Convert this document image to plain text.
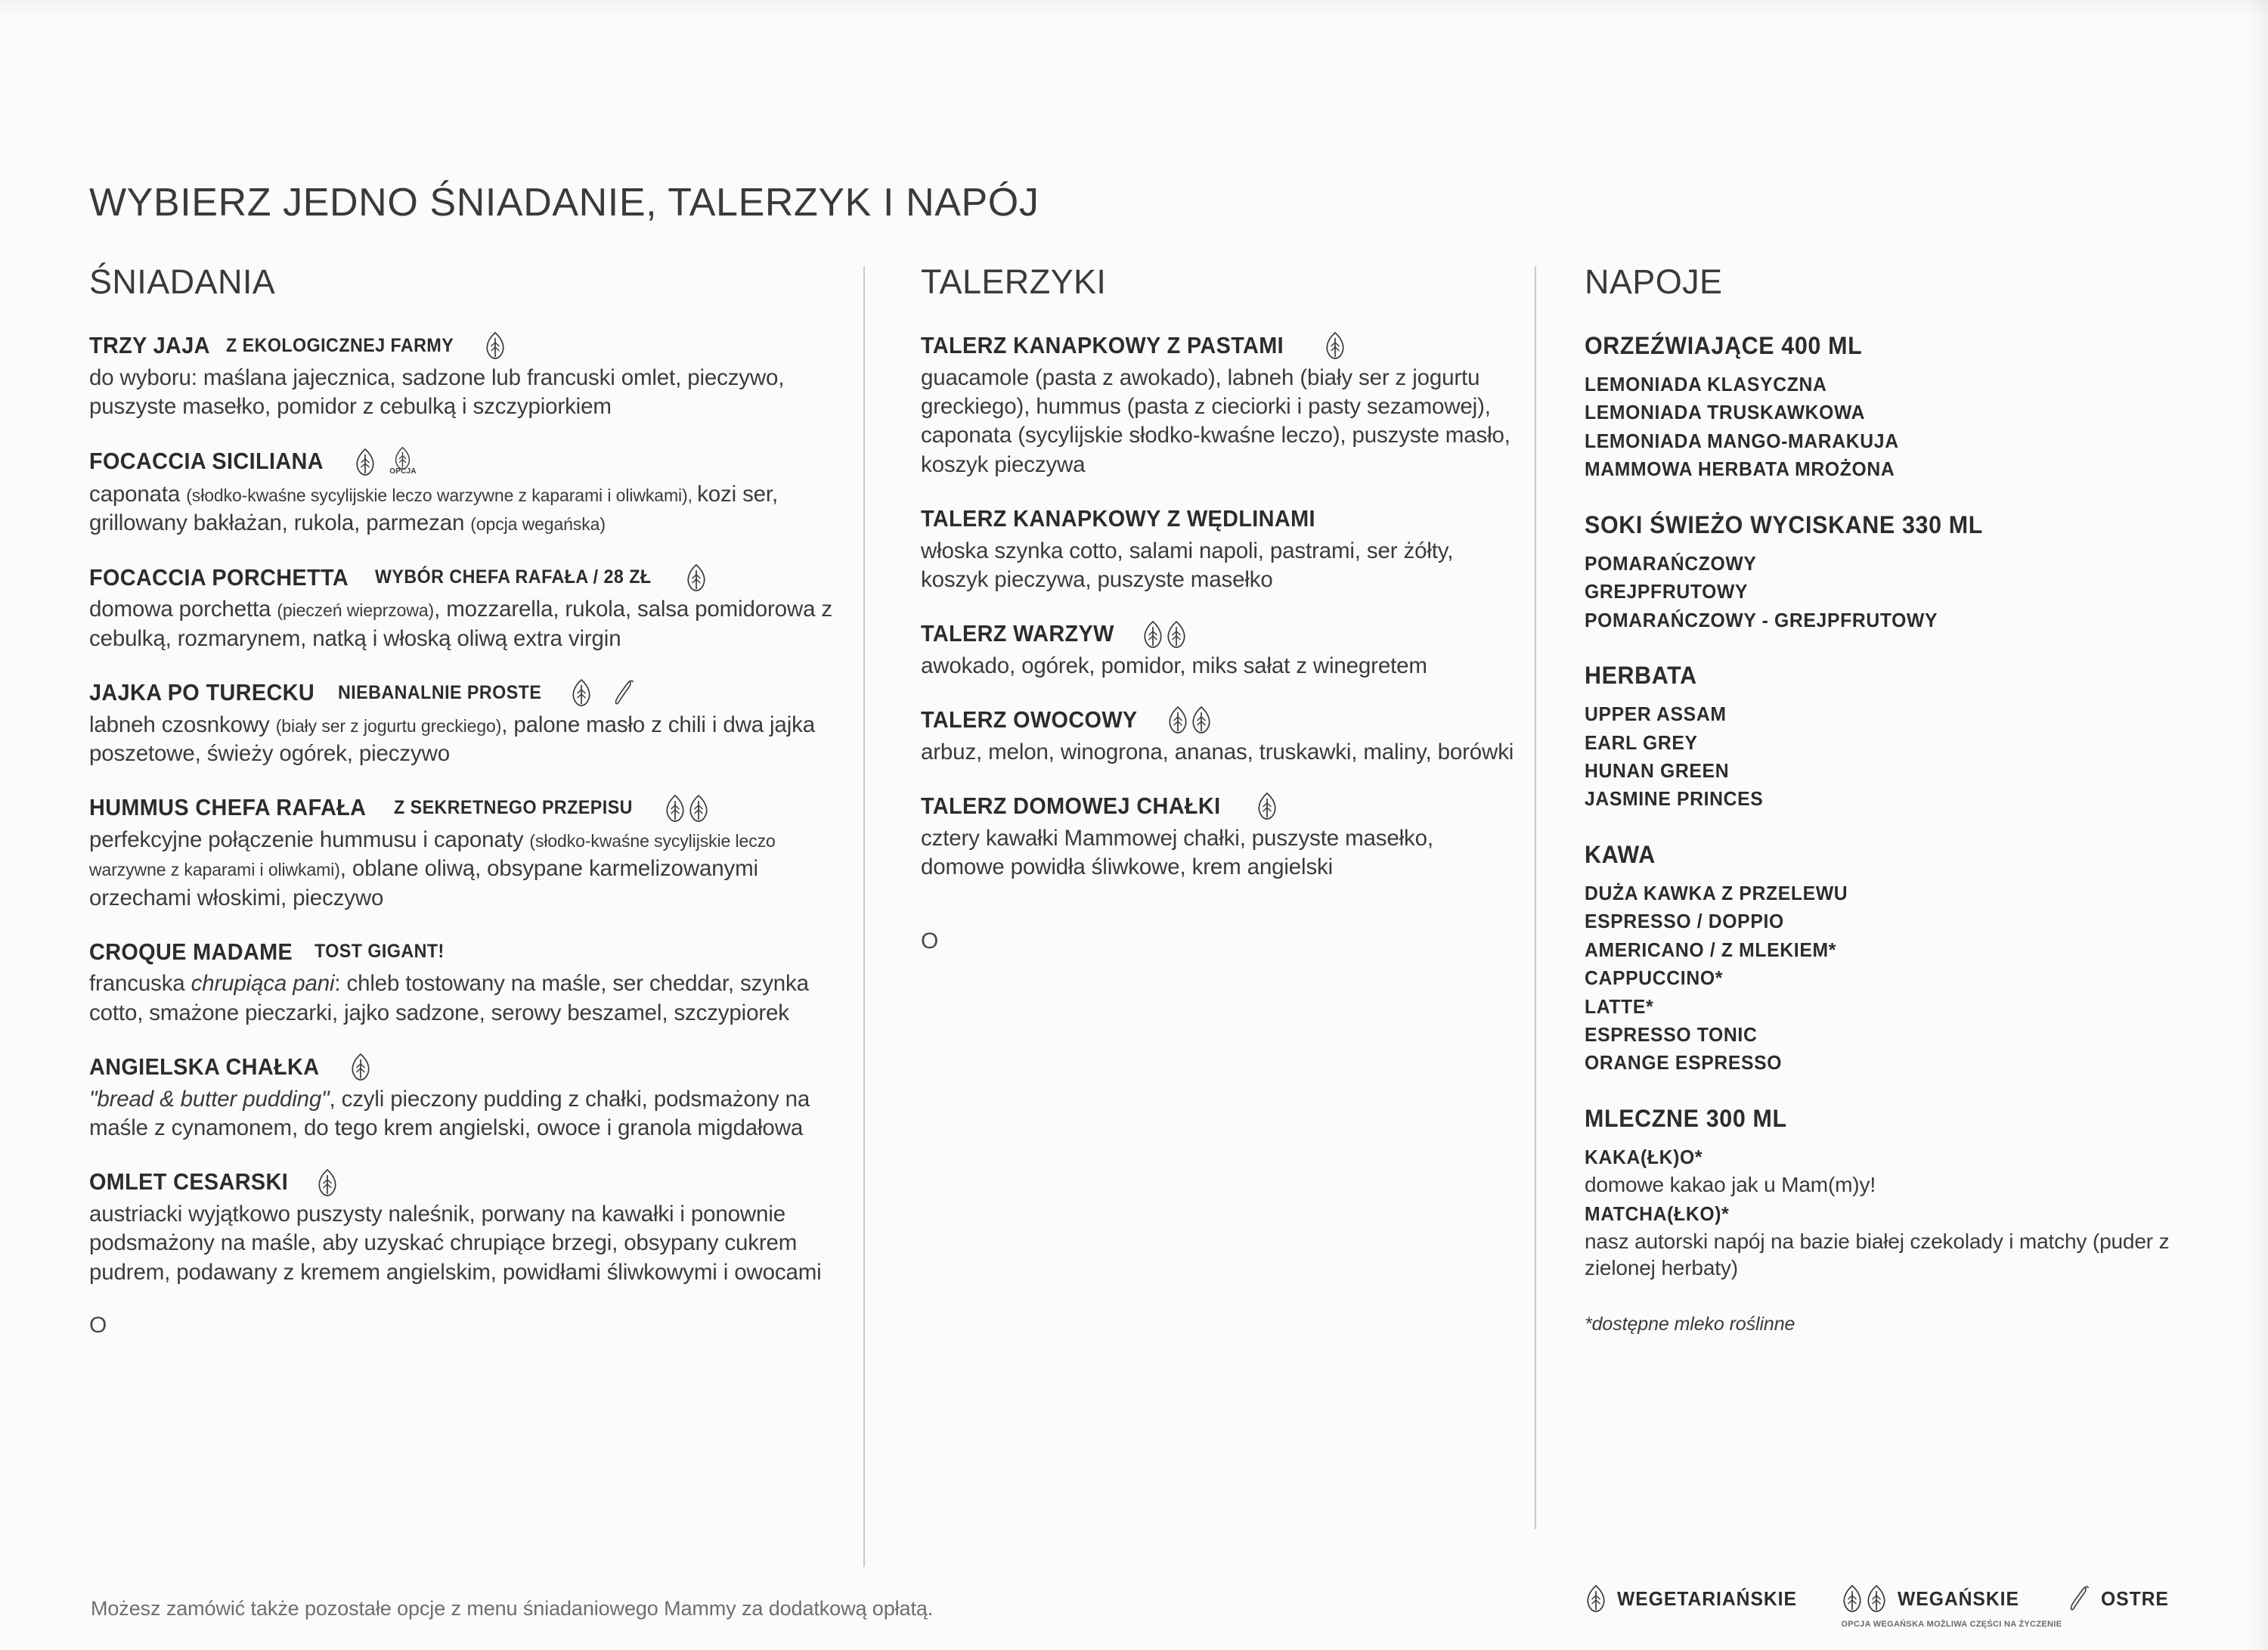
WYBIERZ JEDNO ŚNIADANIE, TALERZYK I NAPÓJ
ŚNIADANIA
TRZY JAJA Z EKOLOGICZNEJ FARMY
do wyboru: maślana jajecznica, sadzone lub francuski omlet, pieczywo, puszyste masełko, pomidor z cebulką i szczypiorkiem
FOCACCIA SICILIANA	OPCJA
caponata (słodko-kwaśne sycylijskie leczo warzywne z kaparami i oliwkami), kozi ser, grillowany bakłażan, rukola, parmezan (opcja wegańska)
FOCACCIA PORCHETTA WYBÓR CHEFA RAFAŁA / 28 ZŁ
domowa porchetta (pieczeń wieprzowa), mozzarella, rukola, salsa pomidorowa z cebulką, rozmarynem, natką i włoską oliwą extra virgin
JAJKA PO TURECKU NIEBANALNIE PROSTE
labneh czosnkowy (biały ser z jogurtu greckiego), palone masło z chili i dwa jajka poszetowe, świeży ogórek, pieczywo
HUMMUS CHEFA RAFAŁA Z SEKRETNEGO PRZEPISU
perfekcyjne połączenie hummusu i caponaty (słodko-kwaśne sycylijskie leczo warzywne z kaparami i oliwkami), oblane oliwą, obsypane karmelizowanymi orzechami włoskimi, pieczywo
CROQUE MADAME TOST GIGANT!
francuska chrupiąca pani: chleb tostowany na maśle, ser cheddar, szynka cotto, smażone pieczarki, jajko sadzone, serowy beszamel, szczypiorek
ANGIELSKA CHAŁKA
"bread & butter pudding", czyli pieczony pudding z chałki, podsmażony na maśle z cynamonem, do tego krem angielski, owoce i granola migdałowa
OMLET CESARSKI
austriacki wyjątkowo puszysty naleśnik, porwany na kawałki i ponownie podsmażony na maśle, aby uzyskać chrupiące brzegi, obsypany cukrem pudrem, podawany z kremem angielskim, powidłami śliwkowymi i owocami
O
TALERZYKI
TALERZ KANAPKOWY Z PASTAMI
guacamole (pasta z awokado), labneh (biały ser z jogurtu greckiego), hummus (pasta z cieciorki i pasty sezamowej), caponata (sycylijskie słodko-kwaśne leczo), puszyste masło, koszyk pieczywa
TALERZ KANAPKOWY Z WĘDLINAMI
włoska szynka cotto, salami napoli, pastrami, ser żółty, koszyk pieczywa, puszyste masełko
TALERZ WARZYW
awokado, ogórek, pomidor, miks sałat z winegretem
TALERZ OWOCOWY
arbuz, melon, winogrona, ananas, truskawki, maliny, borówki
TALERZ DOMOWEJ CHAŁKI
cztery kawałki Mammowej chałki, puszyste masełko, domowe powidła śliwkowe, krem angielski
O
NAPOJE
ORZEŹWIAJĄCE 400 ML
LEMONIADA KLASYCZNA
LEMONIADA TRUSKAWKOWA
LEMONIADA MANGO-MARAKUJA
MAMMOWA HERBATA MROŻONA
SOKI ŚWIEŻO WYCISKANE 330 ML
POMARAŃCZOWY
GREJPFRUTOWY
POMARAŃCZOWY - GREJPFRUTOWY
HERBATA
UPPER ASSAM
EARL GREY
HUNAN GREEN
JASMINE PRINCES
KAWA
DUŻA KAWKA Z PRZELEWU
ESPRESSO / DOPPIO
AMERICANO / Z MLEKIEM*
CAPPUCCINO*
LATTE*
ESPRESSO TONIC
ORANGE ESPRESSO
MLECZNE 300 ML
KAKA(ŁK)O*
domowe kakao jak u Mam(m)y!
MATCHA(ŁKO)*
nasz autorski napój na bazie białej czekolady i matchy (puder z zielonej herbaty)
*dostępne mleko roślinne
Możesz zamówić także pozostałe opcje z menu śniadaniowego Mammy za dodatkową opłatą.	WEGETARIAŃSKIE	WEGAŃSKIE
OPCJA WEGAŃSKA MOŻLIWA CZĘŚCI NA ŻYCZENIE
OSTRE
